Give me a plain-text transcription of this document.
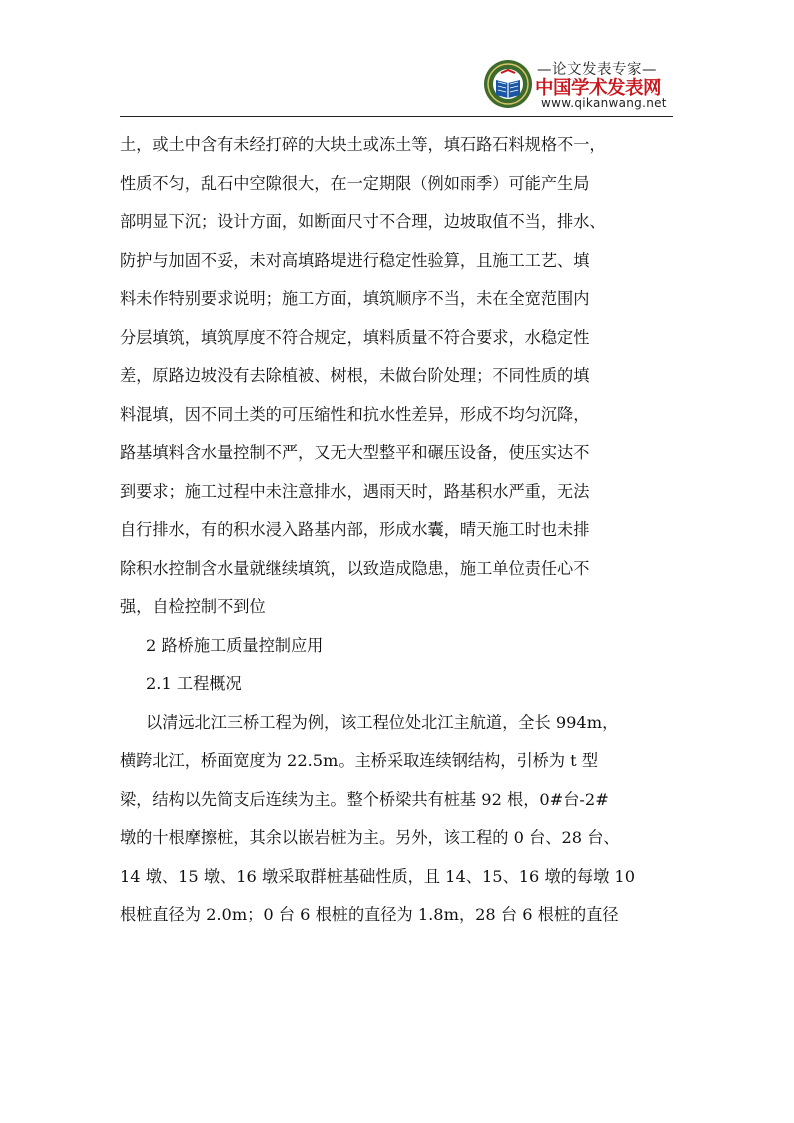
—论文发表专家—
中国学术发表网
www.qikanwang.net
土，或土中含有未经打碎的大块土或冻土等，填石路石料规格不一，
性质不匀，乱石中空隙很大，在一定期限（例如雨季）可能产生局
部明显下沉；设计方面，如断面尺寸不合理，边坡取值不当，排水、
防护与加固不妥，未对高填路堤进行稳定性验算，且施工工艺、填
料未作特别要求说明；施工方面，填筑顺序不当，未在全宽范围内
分层填筑，填筑厚度不符合规定，填料质量不符合要求，水稳定性
差，原路边坡没有去除植被、树根，未做台阶处理；不同性质的填
料混填，因不同土类的可压缩性和抗水性差异，形成不均匀沉降，
路基填料含水量控制不严，又无大型整平和碾压设备，使压实达不
到要求；施工过程中未注意排水，遇雨天时，路基积水严重，无法
自行排水，有的积水浸入路基内部，形成水囊，晴天施工时也未排
除积水控制含水量就继续填筑，以致造成隐患，施工单位责任心不
强，自检控制不到位
2 路桥施工质量控制应用
2.1 工程概况
以清远北江三桥工程为例，该工程位处北江主航道，全长 994m，
横跨北江，桥面宽度为 22.5m。主桥采取连续钢结构，引桥为 t 型
梁，结构以先简支后连续为主。整个桥梁共有桩基 92 根，0#台-2#
墩的十根摩擦桩，其余以嵌岩桩为主。另外，该工程的 0 台、28 台、
14 墩、15 墩、16 墩采取群桩基础性质，且 14、15、16 墩的每墩 10
根桩直径为 2.0m；0 台 6 根桩的直径为 1.8m，28 台 6 根桩的直径
